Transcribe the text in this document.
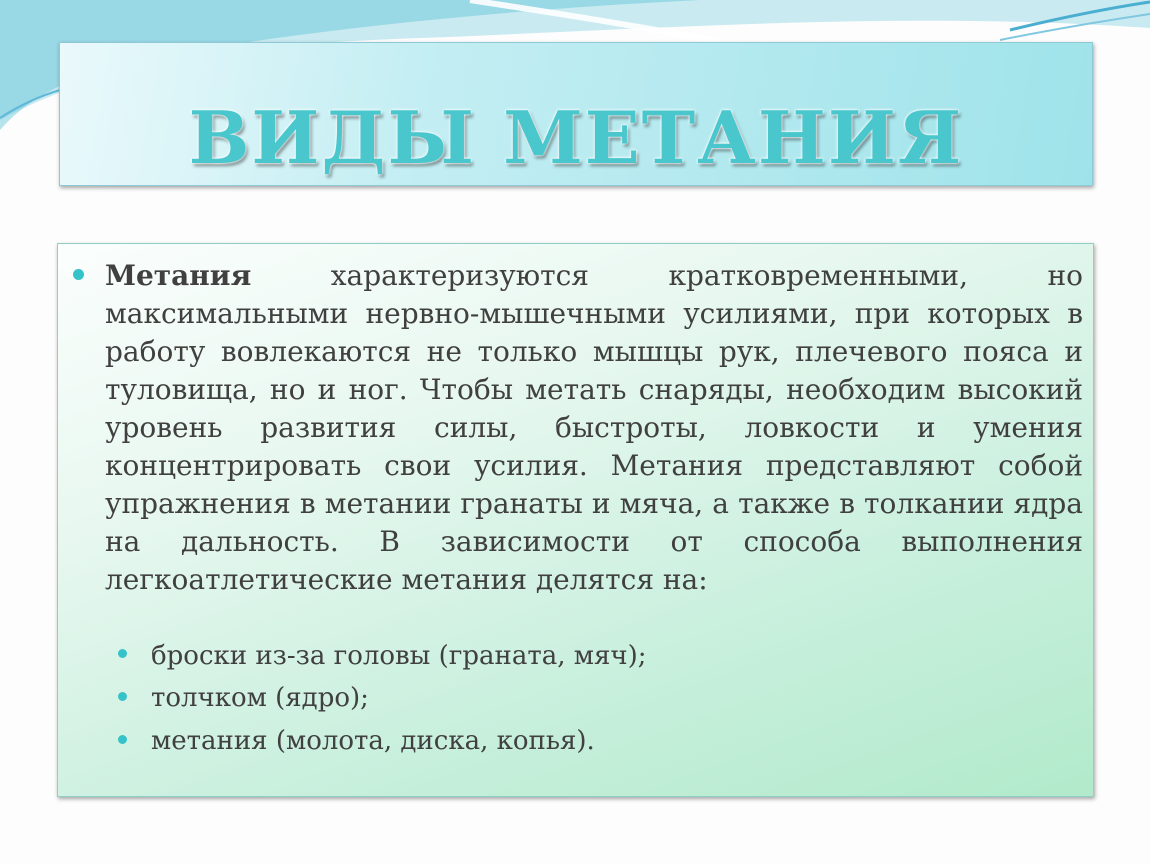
ВИДЫ МЕТАНИЯ

Метания характеризуются кратковременными, но максимальными нервно-мышечными усилиями, при которых в работу вовлекаются не только мышцы рук, плечевого пояса и туловища, но и ног. Чтобы метать снаряды, необходим высокий уровень развития силы, быстроты, ловкости и умения концентрировать свои усилия. Метания представляют собой упражнения в метании гранаты и мяча, а также в толкании ядра на дальность. В зависимости от способа выполнения легкоатлетические метания делятся на:

броски из-за головы (граната, мяч);

толчком (ядро);

метания (молота, диска, копья).
